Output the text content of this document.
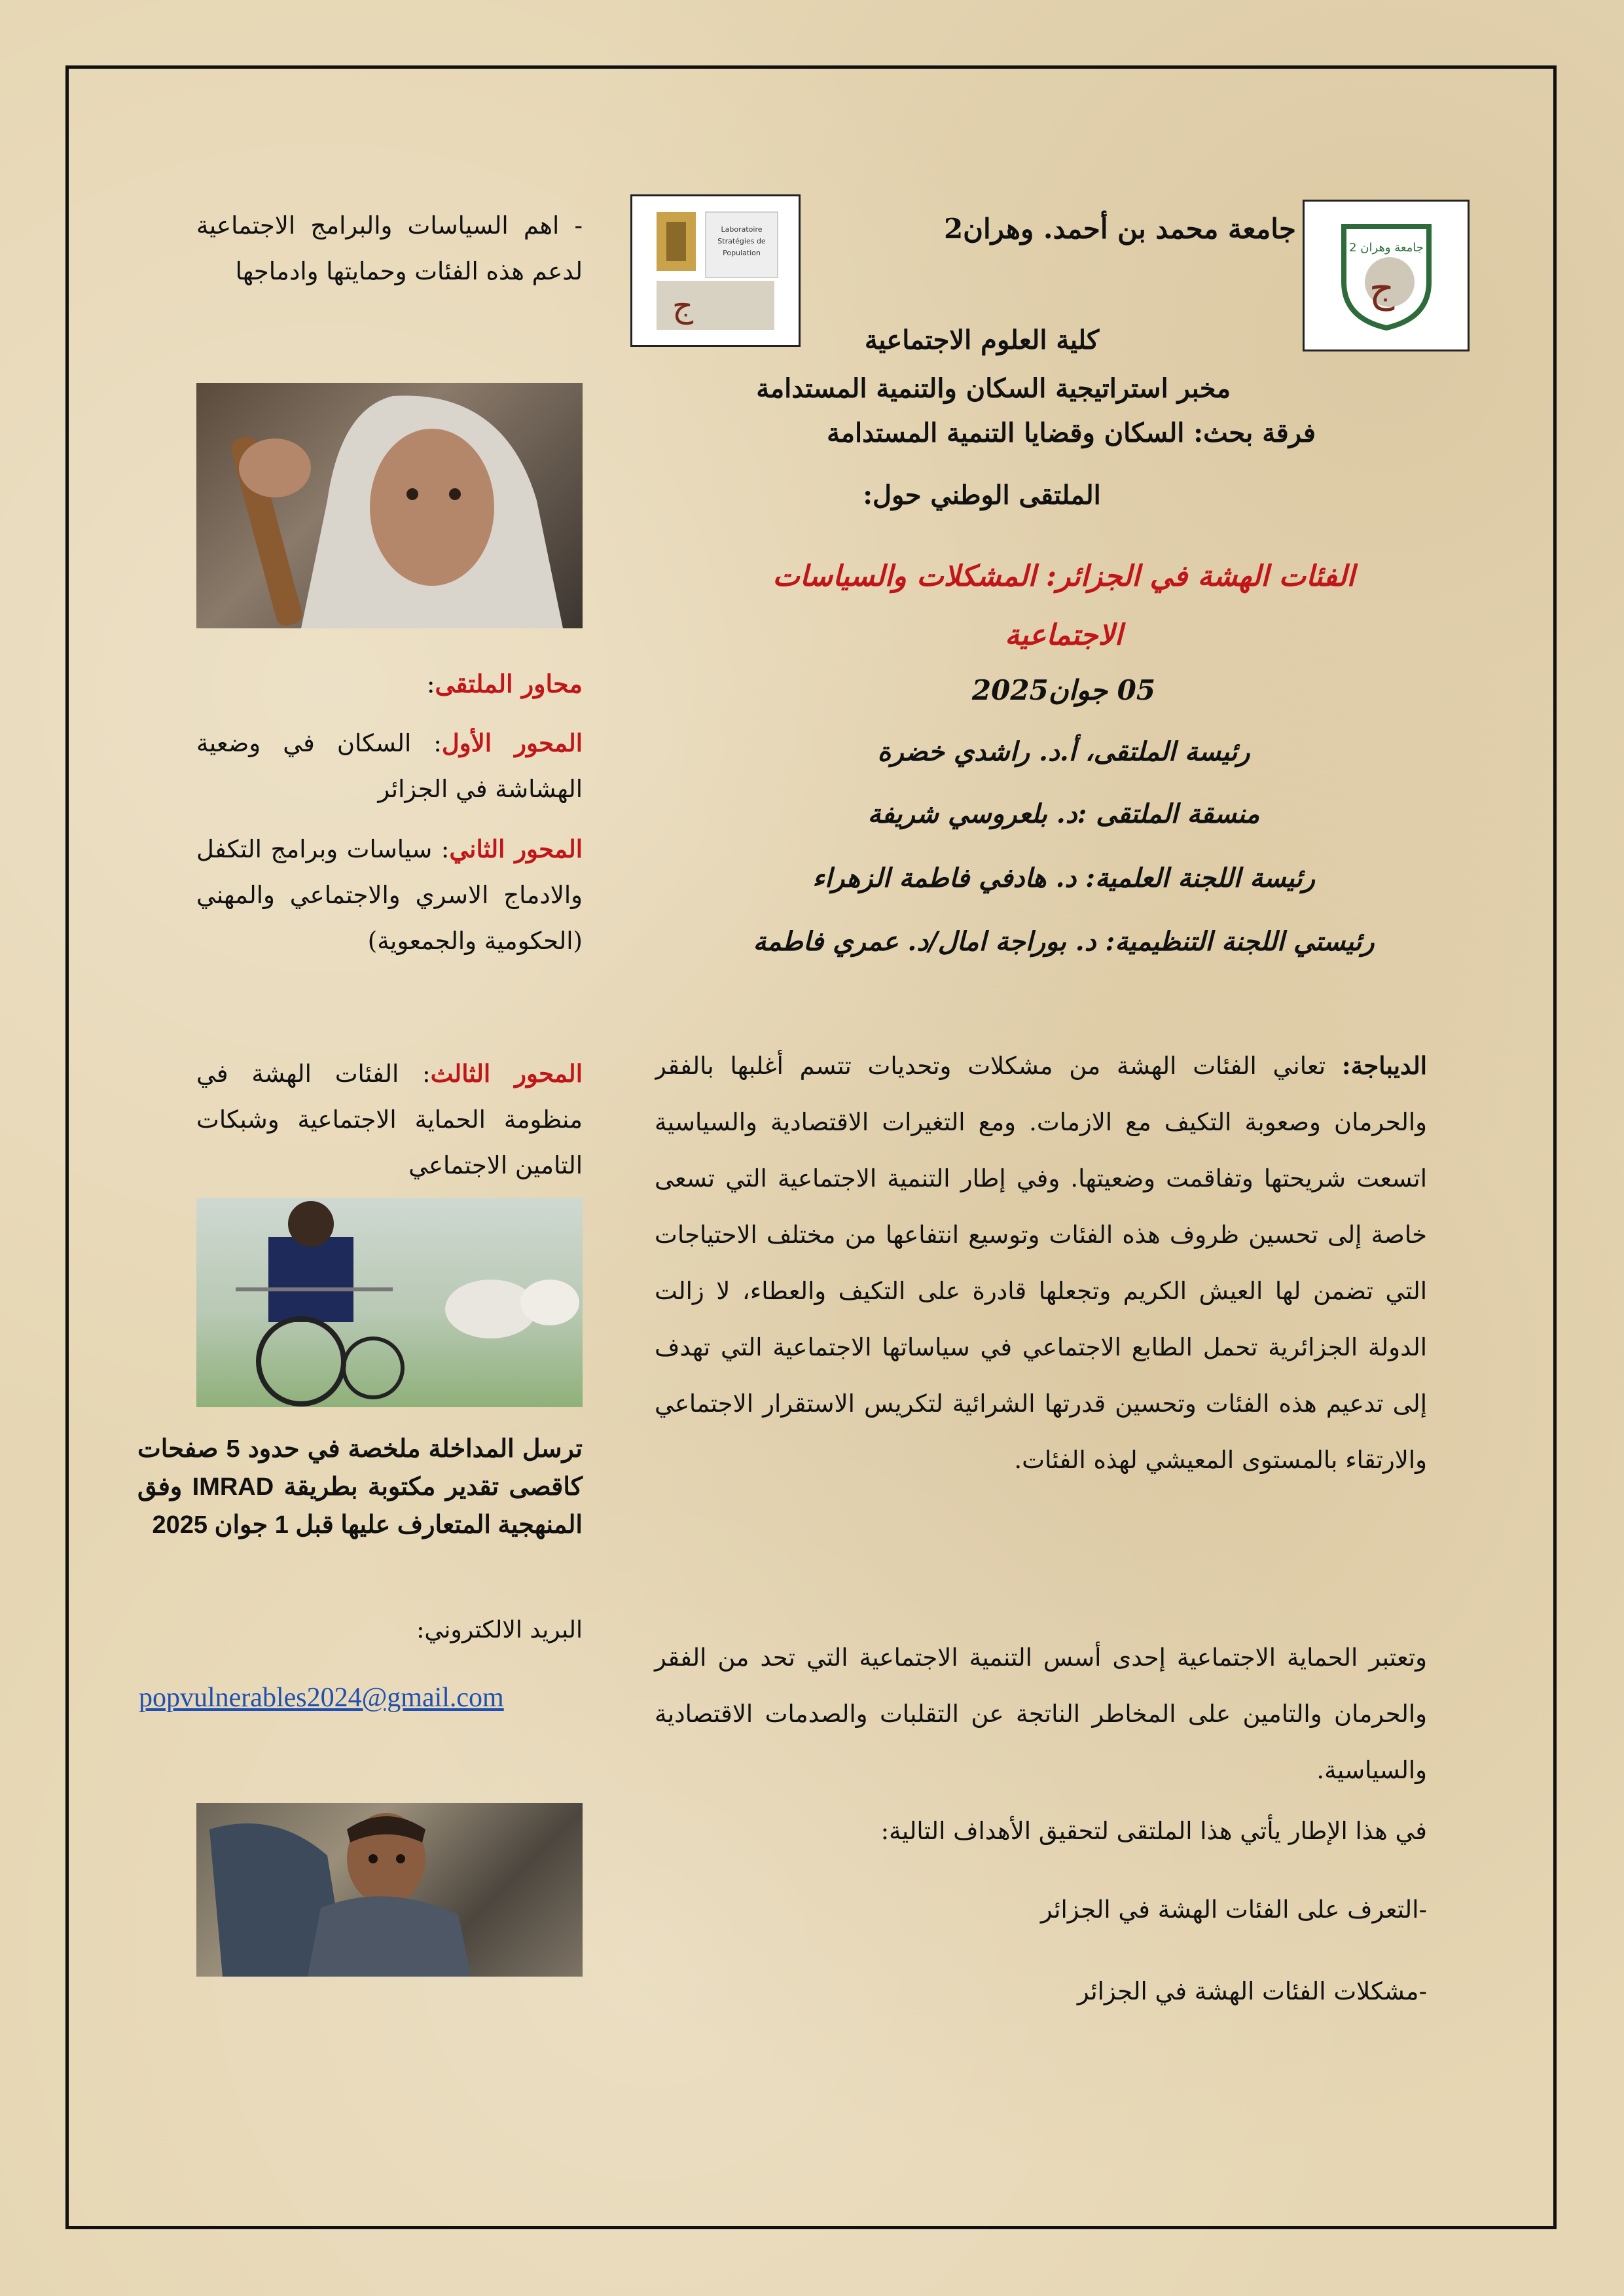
جامعة وهران 2
ج
Laboratoire
Stratégies de
Population
ج
جامعة محمد بن أحمد. وهران2
كلية العلوم الاجتماعية
مخبر استراتيجية السكان والتنمية المستدامة
فرقة بحث: السكان وقضايا التنمية المستدامة
الملتقى الوطني حول:
الفئات الهشة في الجزائر: المشكلات والسياسات
الاجتماعية
05 جوان2025
رئيسة الملتقى، أ.د. راشدي خضرة
منسقة الملتقى :د. بلعروسي شريفة
رئيسة اللجنة العلمية: د. هادفي فاطمة الزهراء
رئيستي اللجنة التنظيمية: د. بوراجة امال/د. عمري فاطمة
الديباجة: تعاني الفئات الهشة من مشكلات وتحديات تتسم أغلبها بالفقر والحرمان وصعوبة التكيف مع الازمات. ومع التغيرات الاقتصادية والسياسية اتسعت شريحتها وتفاقمت وضعيتها. وفي إطار التنمية الاجتماعية التي تسعى خاصة إلى تحسين ظروف هذه الفئات وتوسيع انتفاعها من مختلف الاحتياجات التي تضمن لها العيش الكريم وتجعلها قادرة على التكيف والعطاء، لا زالت الدولة الجزائرية تحمل الطابع الاجتماعي في سياساتها الاجتماعية التي تهدف إلى تدعيم هذه الفئات وتحسين قدرتها الشرائية لتكريس الاستقرار الاجتماعي والارتقاء بالمستوى المعيشي لهذه الفئات.
وتعتبر الحماية الاجتماعية إحدى أسس التنمية الاجتماعية التي تحد من الفقر والحرمان والتامين على المخاطر الناتجة عن التقلبات والصدمات الاقتصادية والسياسية.
في هذا الإطار يأتي هذا الملتقى لتحقيق الأهداف التالية:
-التعرف على الفئات الهشة في الجزائر
-مشكلات الفئات الهشة في الجزائر
- اهم السياسات والبرامج الاجتماعية لدعم هذه الفئات وحمايتها وادماجها
محاور الملتقى:
المحور الأول: السكان في وضعية الهشاشة في الجزائر
المحور الثاني: سياسات وبرامج التكفل والادماج الاسري والاجتماعي والمهني (الحكومية والجمعوية)
المحور الثالث: الفئات الهشة في منظومة الحماية الاجتماعية وشبكات التامين الاجتماعي
ترسل المداخلة ملخصة في حدود 5 صفحات كاقصى تقدير مكتوبة بطريقة IMRAD وفق المنهجية المتعارف عليها قبل 1 جوان 2025
البريد الالكتروني:
popvulnerables2024@gmail.com
